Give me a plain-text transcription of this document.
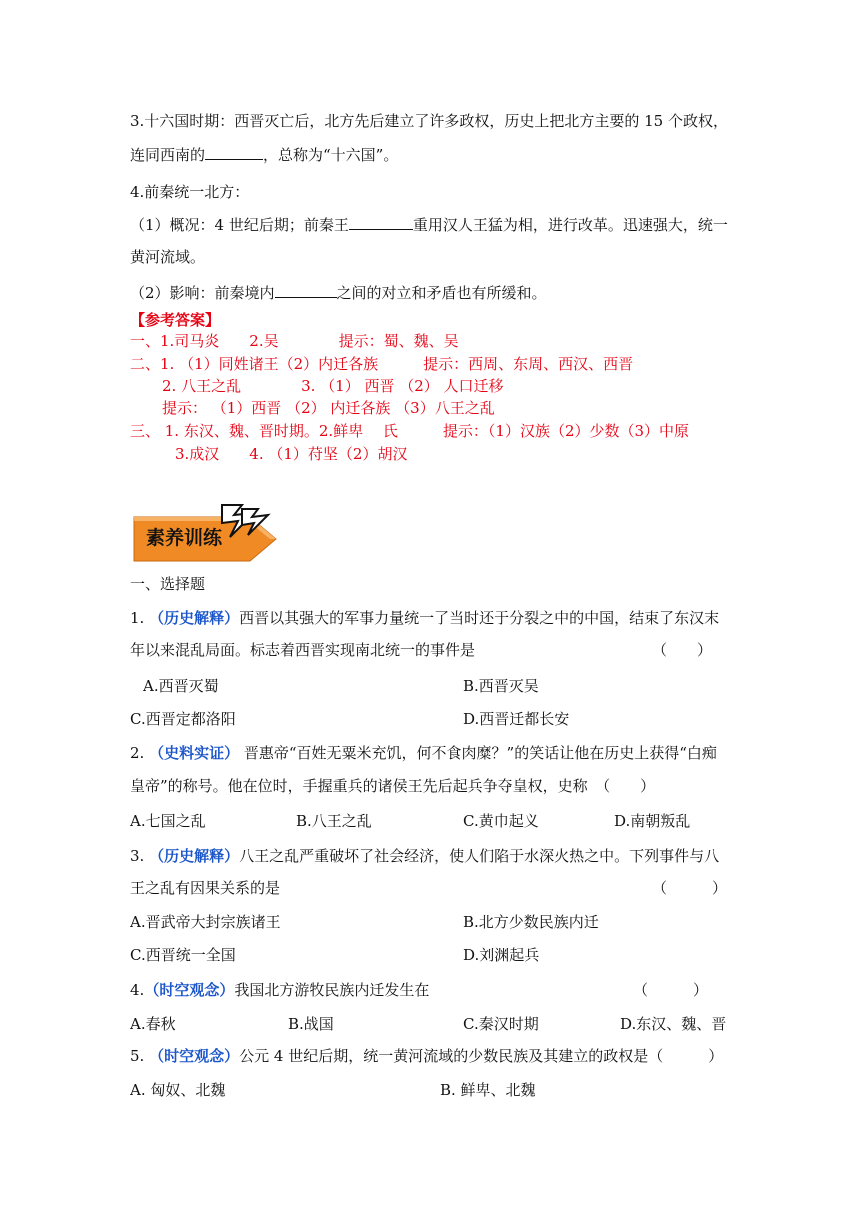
3.十六国时期：西晋灭亡后，北方先后建立了许多政权，历史上把北方主要的 15 个政权，
连同西南的	，总称为“十六国”。
4.前秦统一北方：
（1）概况：4 世纪后期；前秦王	重用汉人王猛为相，进行改革。迅速强大，统一
黄河流域。
（2）影响：前秦境内	之间的对立和矛盾也有所缓和。
【参考答案】
一、1.司马炎　　2.吴　　　　提示：蜀、魏、吴
二、1. （1）同姓诸王（2）内迁各族　　　提示：西周、东周、西汉、西晋
2. 八王之乱　　　　3. （1） 西晋 （2） 人口迁移
提示： （1）西晋 （2） 内迁各族 （3）八王之乱
三、 1. 东汉、魏、晋时期。2.鲜卑　 氏　　　提示：（1）汉族（2）少数（3）中原
3.成汉　　4. （1）苻坚（2）胡汉
素养训练
一、选择题
1. （历史解释）西晋以其强大的军事力量统一了当时还于分裂之中的中国，结束了东汉末
年以来混乱局面。标志着西晋实现南北统一的事件是	（　　）
A.西晋灭蜀	B.西晋灭吴
C.西晋定都洛阳	D.西晋迁都长安
2. （史料实证） 晋惠帝“百姓无粟米充饥，何不食肉糜？”的笑话让他在历史上获得“白痴
皇帝”的称号。他在位时，手握重兵的诸侯王先后起兵争夺皇权，史称　（　　）
A.七国之乱	B.八王之乱	C.黄巾起义	D.南朝叛乱
3. （历史解释）八王之乱严重破坏了社会经济，使人们陷于水深火热之中。下列事件与八
王之乱有因果关系的是	（　　　）
A.晋武帝大封宗族诸王	B.北方少数民族内迁
C.西晋统一全国	D.刘渊起兵
4.（时空观念）我国北方游牧民族内迁发生在	（　　　）
A.春秋	B.战国	C.秦汉时期	D.东汉、魏、晋
5. （时空观念）公元 4 世纪后期，统一黄河流域的少数民族及其建立的政权是（　　　）
A. 匈奴、北魏	B. 鲜卑、北魏
